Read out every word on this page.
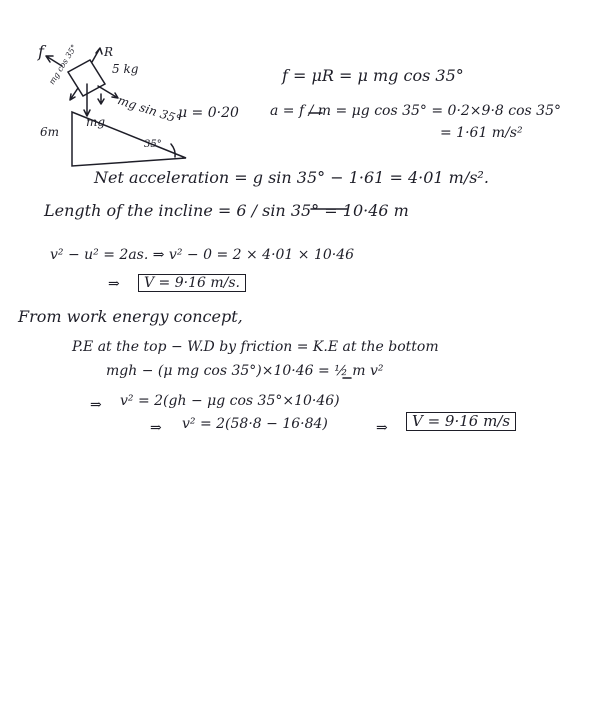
f	R
5 kg
mg cos 35°
mg sin 35°
mg
6m
35°
μ = 0·20
f = μR = μ mg cos 35°
a = f / m = μg cos 35° = 0·2×9·8 cos 35°
= 1·61 m/s²
Net acceleration = g sin 35° − 1·61 = 4·01 m/s².
Length of the incline = 6 / sin 35° = 10·46 m
v² − u² = 2as. ⇒ v² − 0 = 2 × 4·01 × 10·46
⇒	V = 9·16 m/s.
From work energy concept,
P.E at the top − W.D by friction = K.E at the bottom
mgh − (μ mg cos 35°)×10·46 = ½ m v²
⇒ v² = 2(gh − μg cos 35°×10·46)
⇒ v² = 2(58·8 − 16·84)	⇒	V = 9·16 m/s
